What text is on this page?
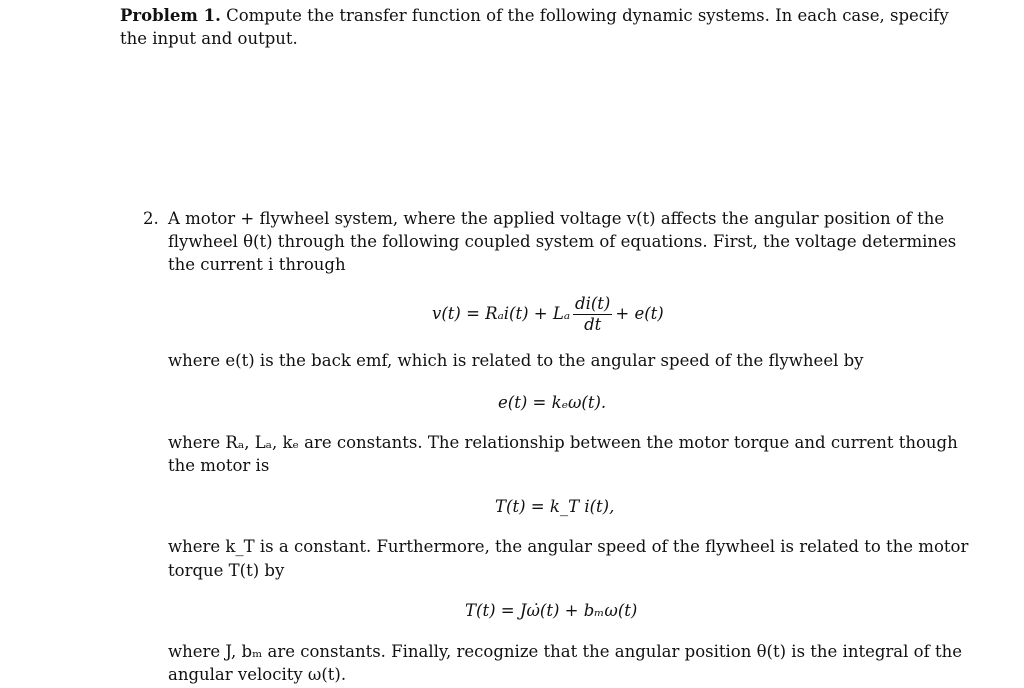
Problem 1. Compute the transfer function of the following dynamic systems. In each case, specify
the input and output.
2. A motor + flywheel system, where the applied voltage v(t) affects the angular position of the
flywheel θ(t) through the following coupled system of equations. First, the voltage determines
the current i through
v(t) = Rₐi(t) + Lₐ $\frac{di(t)}{dt} + e(t)$
where e(t) is the back emf, which is related to the angular speed of the flywheel by
e(t) = kₑω(t).
where Rₐ, Lₐ, kₑ are constants. The relationship between the motor torque and current though
the motor is
T(t) = k_T i(t),
where k_T is a constant. Furthermore, the angular speed of the flywheel is related to the motor
torque T(t) by
T(t) = Jω̇(t) + bₘω(t)
where J, bₘ are constants. Finally, recognize that the angular position θ(t) is the integral of the
angular velocity ω(t).
